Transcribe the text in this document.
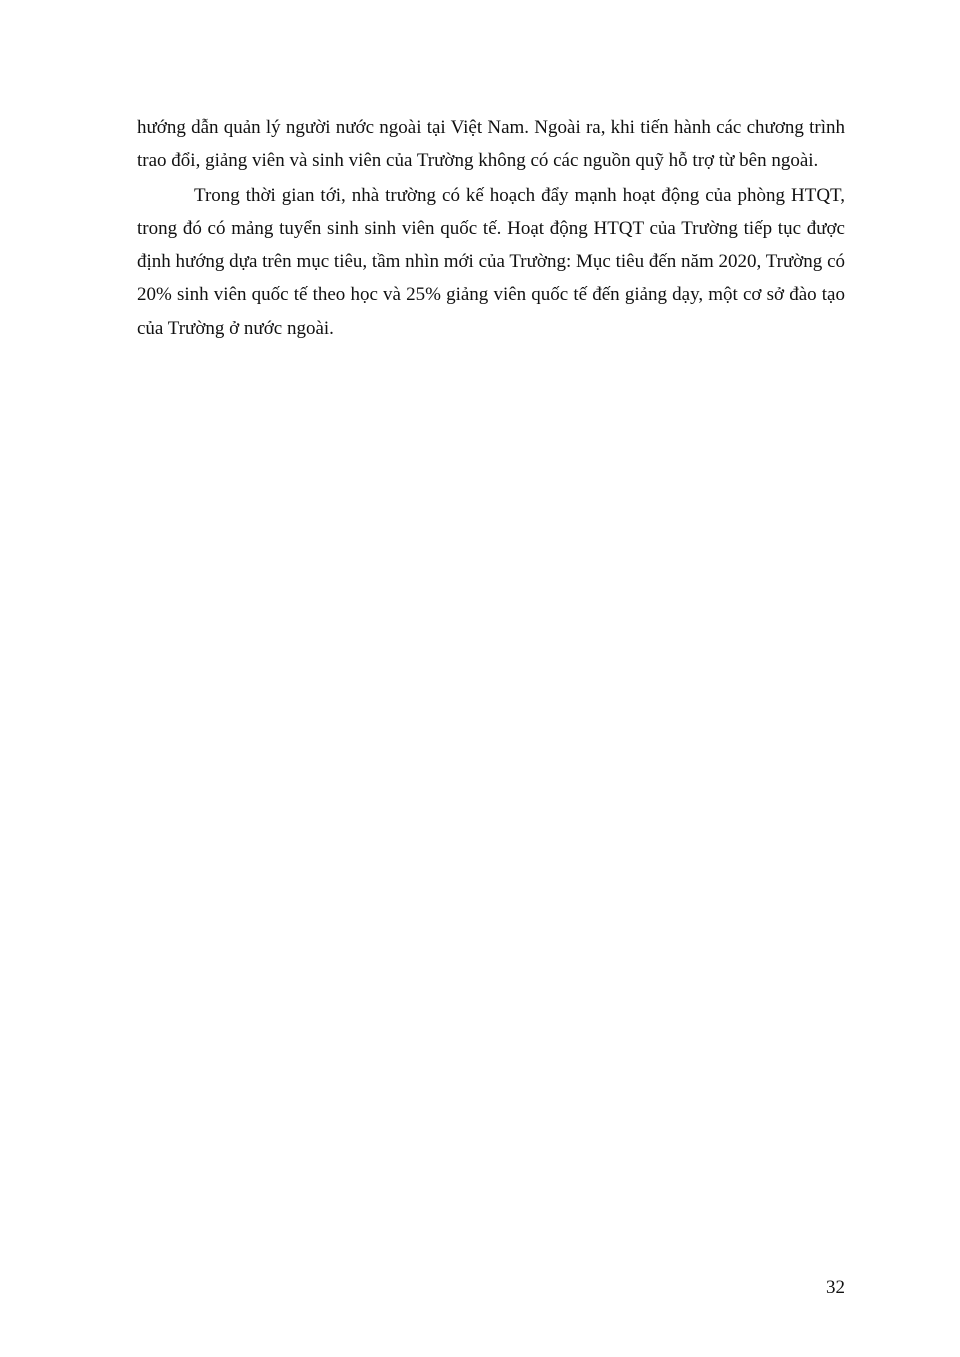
hướng dẫn quản lý người nước ngoài tại Việt Nam. Ngoài ra, khi tiến hành các chương trình trao đổi, giảng viên và sinh viên của Trường không có các nguồn quỹ hỗ trợ từ bên ngoài.

Trong thời gian tới, nhà trường có kế hoạch đẩy mạnh hoạt động của phòng HTQT, trong đó có mảng tuyển sinh sinh viên quốc tế. Hoạt động HTQT của Trường tiếp tục được định hướng dựa trên mục tiêu, tầm nhìn mới của Trường: Mục tiêu đến năm 2020, Trường có 20% sinh viên quốc tế theo học và 25% giảng viên quốc tế đến giảng dạy, một cơ sở đào tạo của Trường ở nước ngoài.

32
